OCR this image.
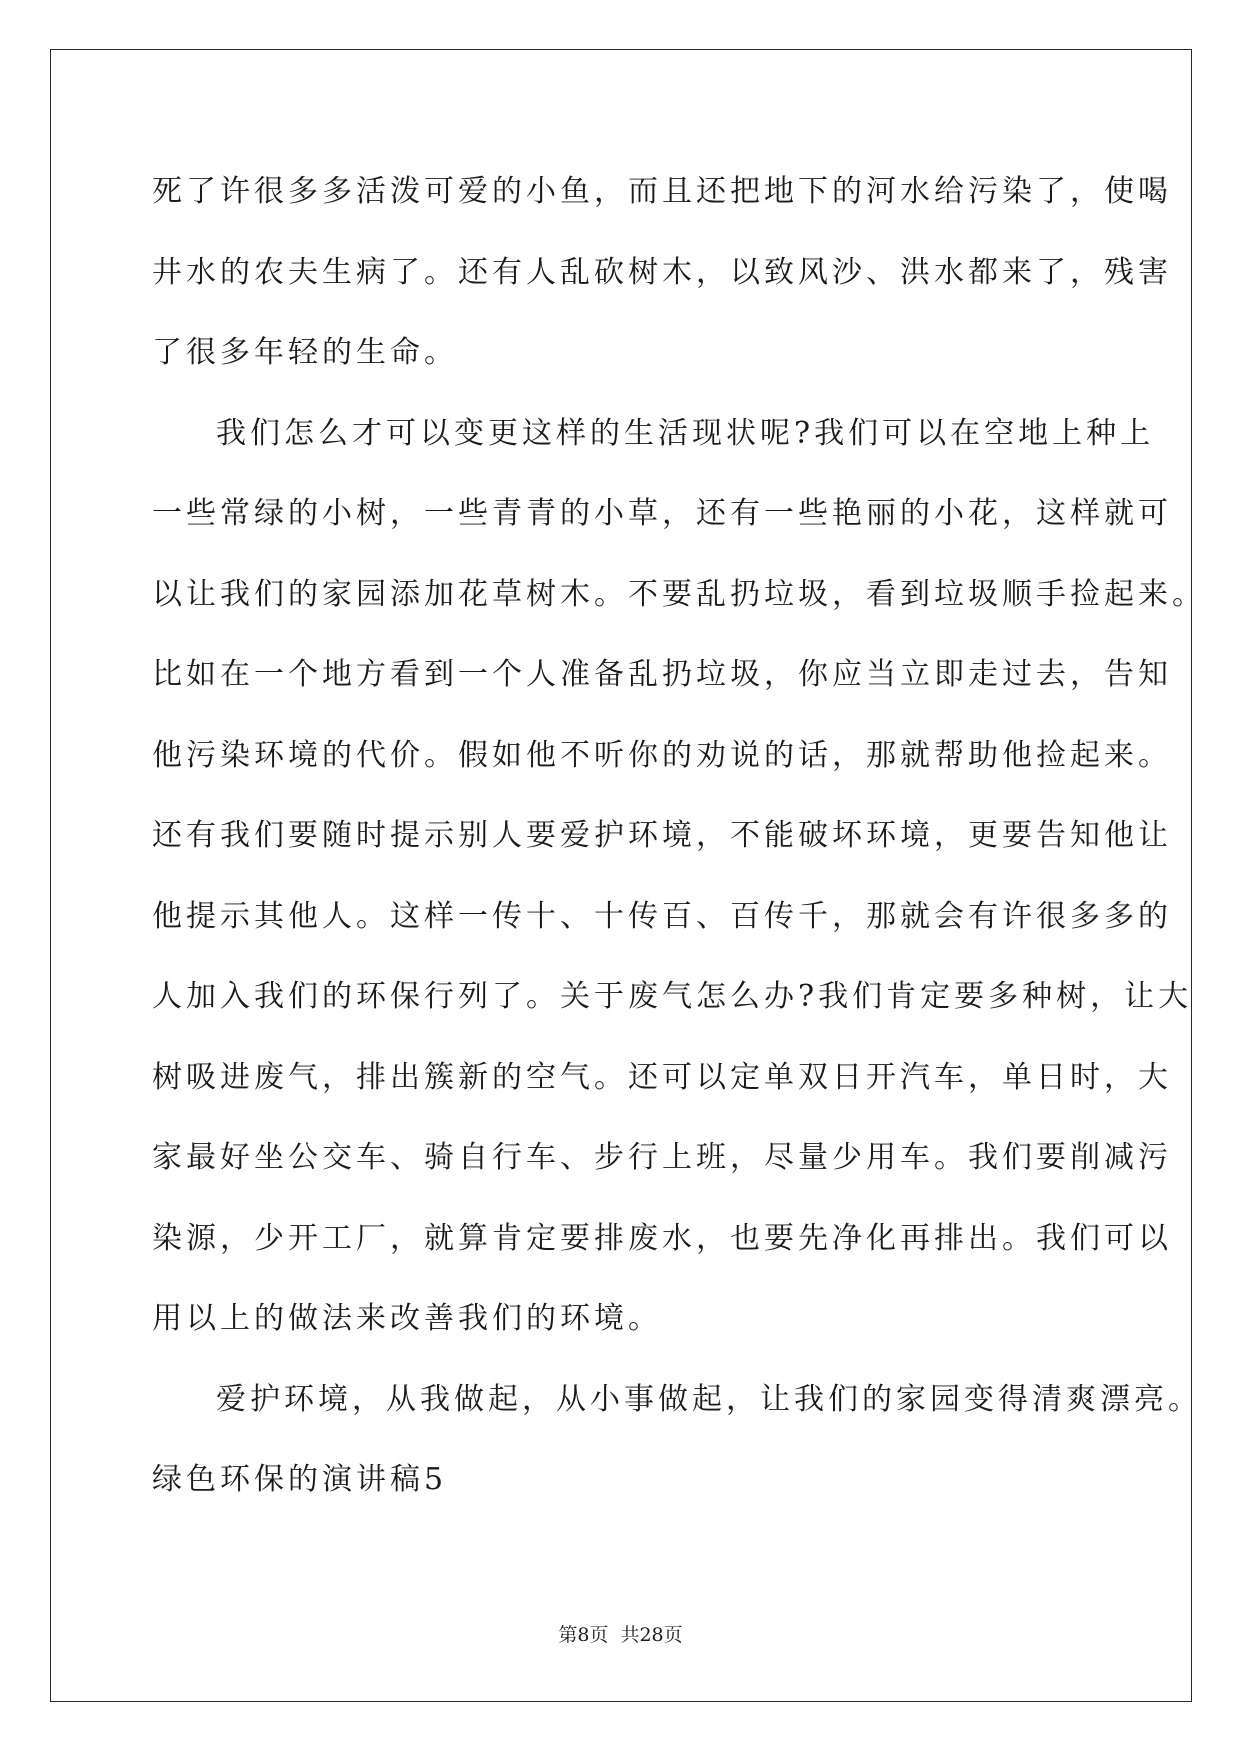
死了许很多多活泼可爱的小鱼，而且还把地下的河水给污染了，使喝
井水的农夫生病了。还有人乱砍树木，以致风沙、洪水都来了，残害
了很多年轻的生命。
我们怎么才可以变更这样的生活现状呢?我们可以在空地上种上
一些常绿的小树，一些青青的小草，还有一些艳丽的小花，这样就可
以让我们的家园添加花草树木。不要乱扔垃圾，看到垃圾顺手捡起来。
比如在一个地方看到一个人准备乱扔垃圾，你应当立即走过去，告知
他污染环境的代价。假如他不听你的劝说的话，那就帮助他捡起来。
还有我们要随时提示别人要爱护环境，不能破坏环境，更要告知他让
他提示其他人。这样一传十、十传百、百传千，那就会有许很多多的
人加入我们的环保行列了。关于废气怎么办?我们肯定要多种树，让大
树吸进废气，排出簇新的空气。还可以定单双日开汽车，单日时，大
家最好坐公交车、骑自行车、步行上班，尽量少用车。我们要削减污
染源，少开工厂，就算肯定要排废水，也要先净化再排出。我们可以
用以上的做法来改善我们的环境。
爱护环境，从我做起，从小事做起，让我们的家园变得清爽漂亮。
绿色环保的演讲稿5
第8页 共28页
